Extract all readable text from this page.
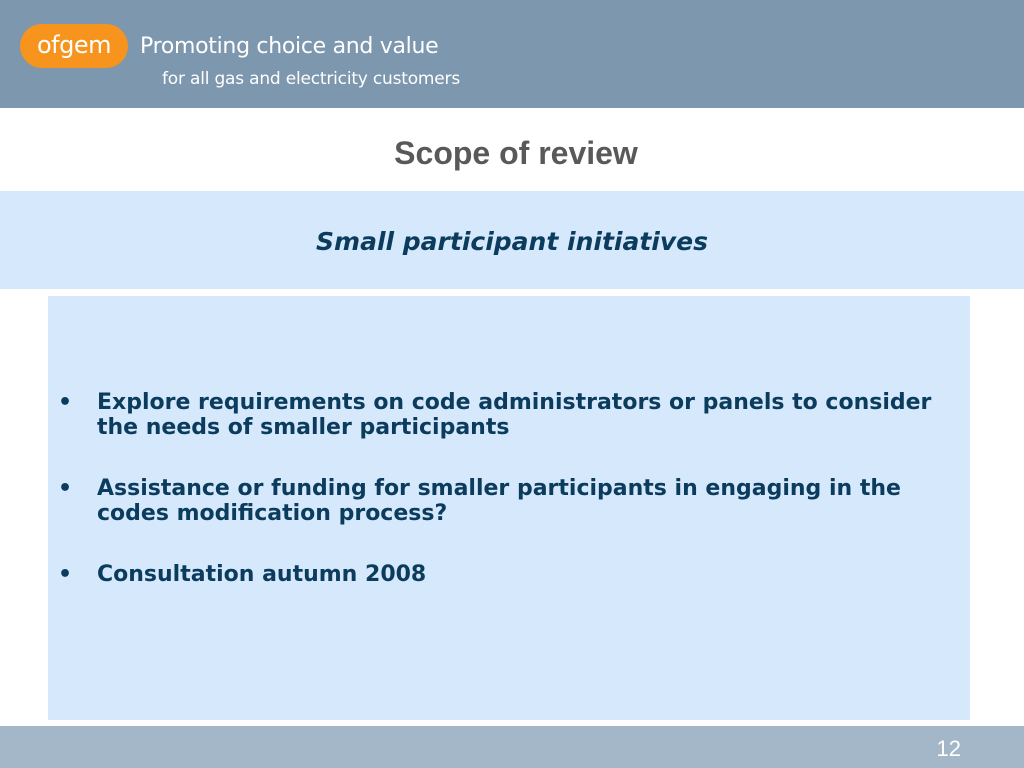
ofgem Promoting choice and value
for all gas and electricity customers
Scope of review
Small participant initiatives
• Explore requirements on code administrators or panels to consider the needs of smaller participants
• Assistance or funding for smaller participants in engaging in the codes modification process?
• Consultation autumn 2008
12
